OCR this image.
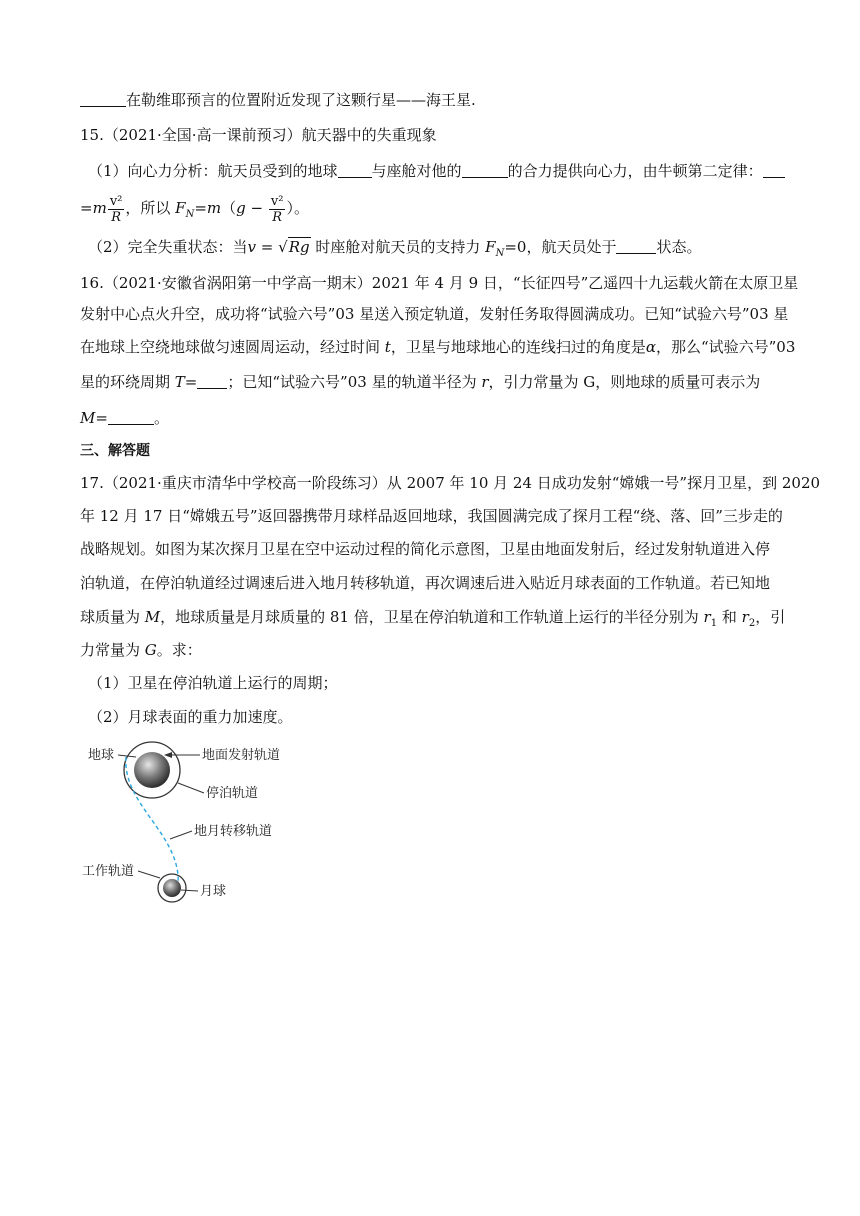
在勒维耶预言的位置附近发现了这颗行星——海王星.
15.（2021·全国·高一课前预习）航天器中的失重现象
（1）向心力分析：航天员受到的地球 与座舱对他的	的合力提供向心力，由牛顿第二定律：
$=m \frac{\text{v²}}{R}$ ，所以 $F_N=m(g - \frac{\text{v²}}{R}$ ）。
（2）完全失重状态：当v = √Rg 时座舱对航天员的支持力 $F_N=0$，航天员处于	状态。
16.（2021·安徽省涡阳第一中学高一期末）2021 年 4 月 9 日，“长征四号”乙遥四十九运载火箭在太原卫星
发射中心点火升空，成功将“试验六号”03 星送入预定轨道，发射任务取得圆满成功。已知“试验六号”03 星
在地球上空绕地球做匀速圆周运动，经过时间 t，卫星与地球地心的连线扫过的角度是α，那么“试验六号”03
星的环绕周期 T= ；已知“试验六号”03 星的轨道半径为 r，引力常量为 G，则地球的质量可表示为
M=	。
三、解答题
17.（2021·重庆市清华中学校高一阶段练习）从 2007 年 10 月 24 日成功发射“嫦娥一号”探月卫星，到 2020
年 12 月 17 日“嫦娥五号”返回器携带月球样品返回地球，我国圆满完成了探月工程“绕、落、回”三步走的
战略规划。如图为某次探月卫星在空中运动过程的简化示意图，卫星由地面发射后，经过发射轨道进入停
泊轨道，在停泊轨道经过调速后进入地月转移轨道，再次调速后进入贴近月球表面的工作轨道。若已知地
球质量为 M，地球质量是月球质量的 81 倍，卫星在停泊轨道和工作轨道上运行的半径分别为 $r_1$ 和 $r_2$，引
力常量为 G。求：
（1）卫星在停泊轨道上运行的周期；
（2）月球表面的重力加速度。
地球	地面发射轨道
停泊轨道
地月转移轨道
工作轨道
月球
